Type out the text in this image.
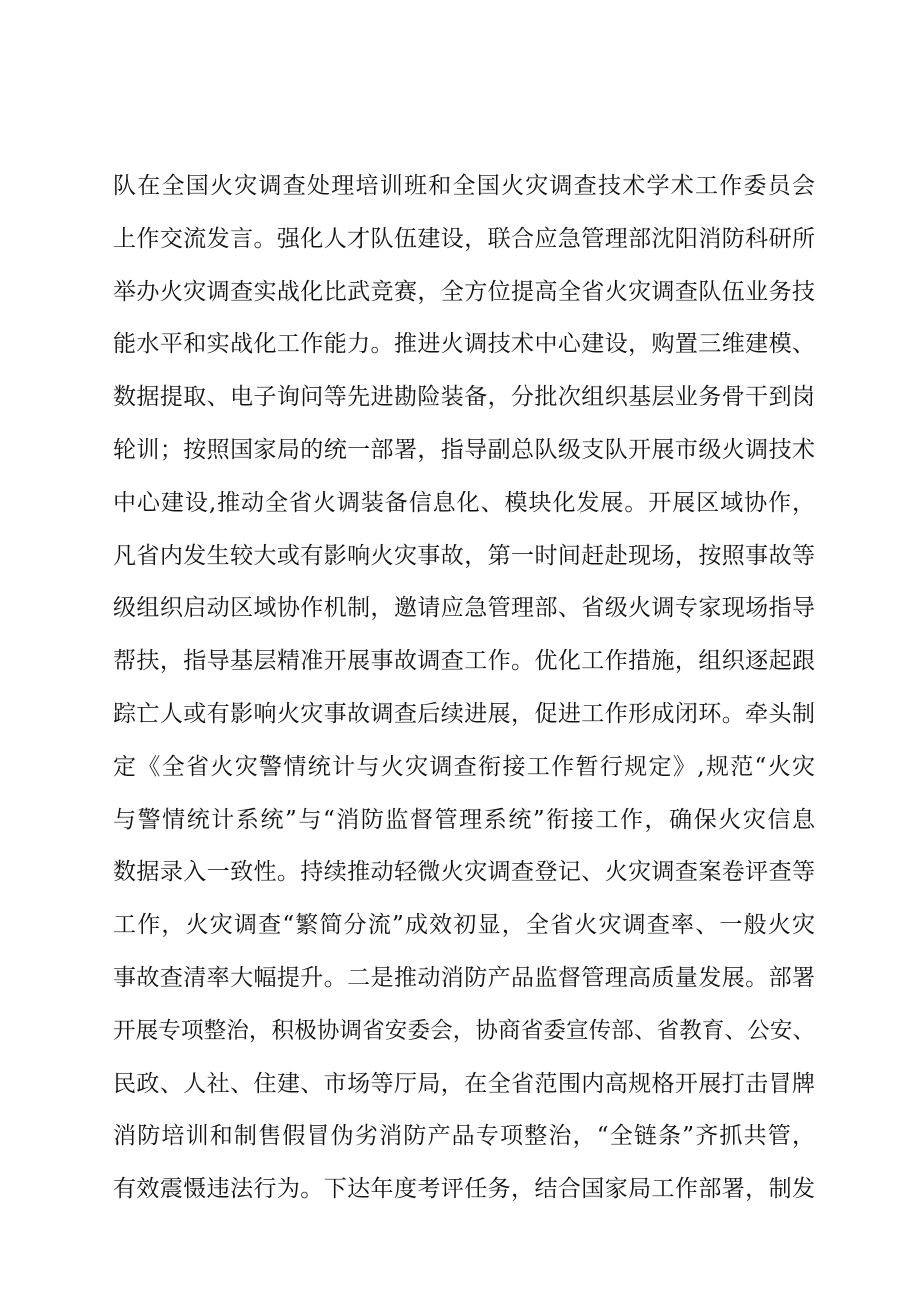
队在全国火灾调查处理培训班和全国火灾调查技术学术工作委员会
上作交流发言。强化人才队伍建设，联合应急管理部沈阳消防科研所
举办火灾调查实战化比武竞赛，全方位提高全省火灾调查队伍业务技
能水平和实战化工作能力。推进火调技术中心建设，购置三维建模、
数据提取、电子询问等先进勘险装备，分批次组织基层业务骨干到岗
轮训；按照国家局的统一部署，指导副总队级支队开展市级火调技术
中心建设,推动全省火调装备信息化、模块化发展。开展区域协作，
凡省内发生较大或有影响火灾事故，第一时间赶赴现场，按照事故等
级组织启动区域协作机制，邀请应急管理部、省级火调专家现场指导
帮扶，指导基层精准开展事故调查工作。优化工作措施，组织逐起跟
踪亡人或有影响火灾事故调查后续进展，促进工作形成闭环。牵头制
定《全省火灾警情统计与火灾调查衔接工作暂行规定》,规范“火灾
与警情统计系统”与“消防监督管理系统”衔接工作，确保火灾信息
数据录入一致性。持续推动轻微火灾调查登记、火灾调查案卷评查等
工作，火灾调查“繁简分流”成效初显，全省火灾调查率、一般火灾
事故查清率大幅提升。二是推动消防产品监督管理高质量发展。部署
开展专项整治，积极协调省安委会，协商省委宣传部、省教育、公安、
民政、人社、住建、市场等厅局，在全省范围内高规格开展打击冒牌
消防培训和制售假冒伪劣消防产品专项整治，“全链条”齐抓共管，
有效震慑违法行为。下达年度考评任务，结合国家局工作部署，制发
